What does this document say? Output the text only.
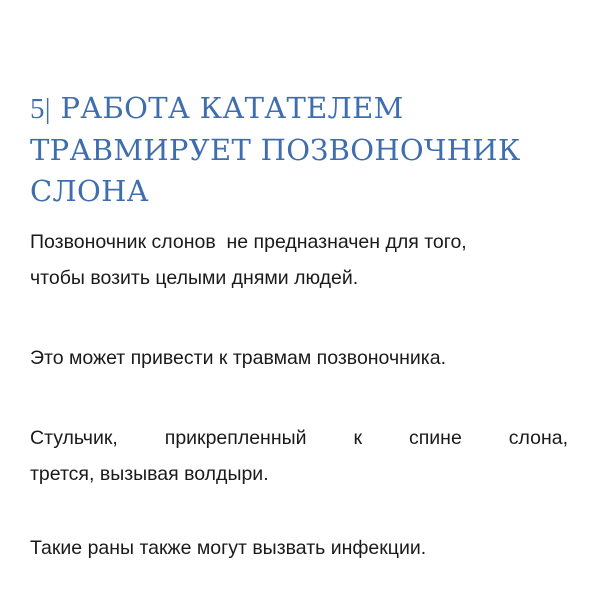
5| РАБОТА КАТАТЕЛЕМ
ТРАВМИРУЕТ ПОЗВОНОЧНИК
СЛОНА

Позвоночник слонов  не предназначен для того,
чтобы возить целыми днями людей.

Это может привести к травмам позвоночника.

Стульчик, прикрепленный к спине слона,
трется, вызывая волдыри.

Такие раны также могут вызвать инфекции.
